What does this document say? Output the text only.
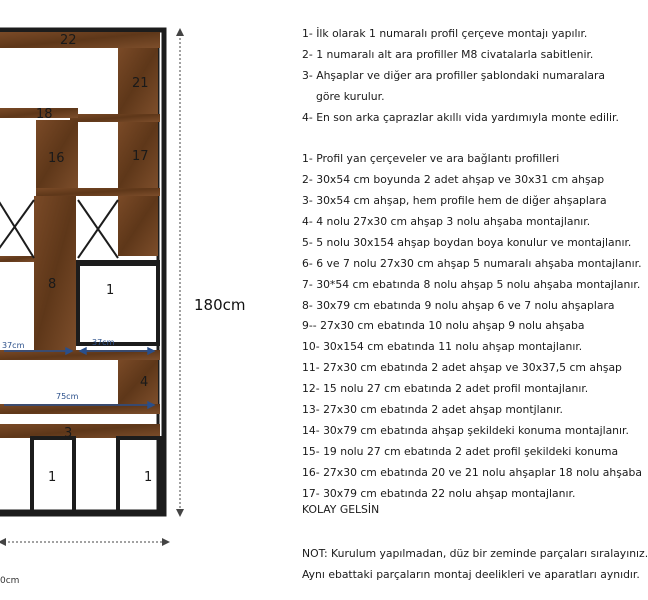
22
21
18
16	17
8	1
4
3
1	1
37cm	37cm
75cm
180cm
0cm
1- İlk olarak 1 numaralı profil çerçeve montajı yapılır.
2- 1 numaralı alt ara profiller M8 civatalarla sabitlenir.
3- Ahşaplar ve diğer ara profiller şablondaki numaralara
göre kurulur.
4- En son arka çaprazlar akıllı vida yardımıyla monte edilir.
1- Profil yan çerçeveler ve ara bağlantı profilleri
2- 30x54 cm boyunda 2 adet ahşap ve 30x31 cm ahşap
3- 30x54 cm ahşap, hem profile hem de diğer ahşaplara
4- 4 nolu 27x30 cm ahşap 3 nolu ahşaba montajlanır.
5- 5 nolu 30x154 ahşap boydan boya konulur ve montajlanır.
6- 6 ve 7 nolu 27x30 cm ahşap 5 numaralı ahşaba montajlanır.
7- 30*54 cm ebatında 8 nolu ahşap 5 nolu ahşaba montajlanır.
8- 30x79 cm ebatında 9 nolu ahşap 6 ve 7 nolu ahşaplara
9-- 27x30 cm ebatında 10 nolu ahşap 9 nolu ahşaba
10- 30x154 cm ebatında 11 nolu ahşap montajlanır.
11- 27x30 cm ebatında 2 adet ahşap ve 30x37,5 cm ahşap
12- 15 nolu 27 cm ebatında 2 adet profil montajlanır.
13- 27x30 cm ebatında 2 adet ahşap montjlanır.
14- 30x79 cm ebatında ahşap şekildeki konuma montajlanır.
15- 19 nolu 27 cm ebatında 2 adet profil şekildeki konuma
16- 27x30 cm ebatında 20 ve 21 nolu ahşaplar 18 nolu ahşaba
17- 30x79 cm ebatında 22 nolu ahşap montajlanır.
KOLAY GELSİN
NOT: Kurulum yapılmadan, düz bir zeminde parçaları sıralayınız.
Aynı ebattaki parçaların montaj deelikleri ve aparatları aynıdır.
